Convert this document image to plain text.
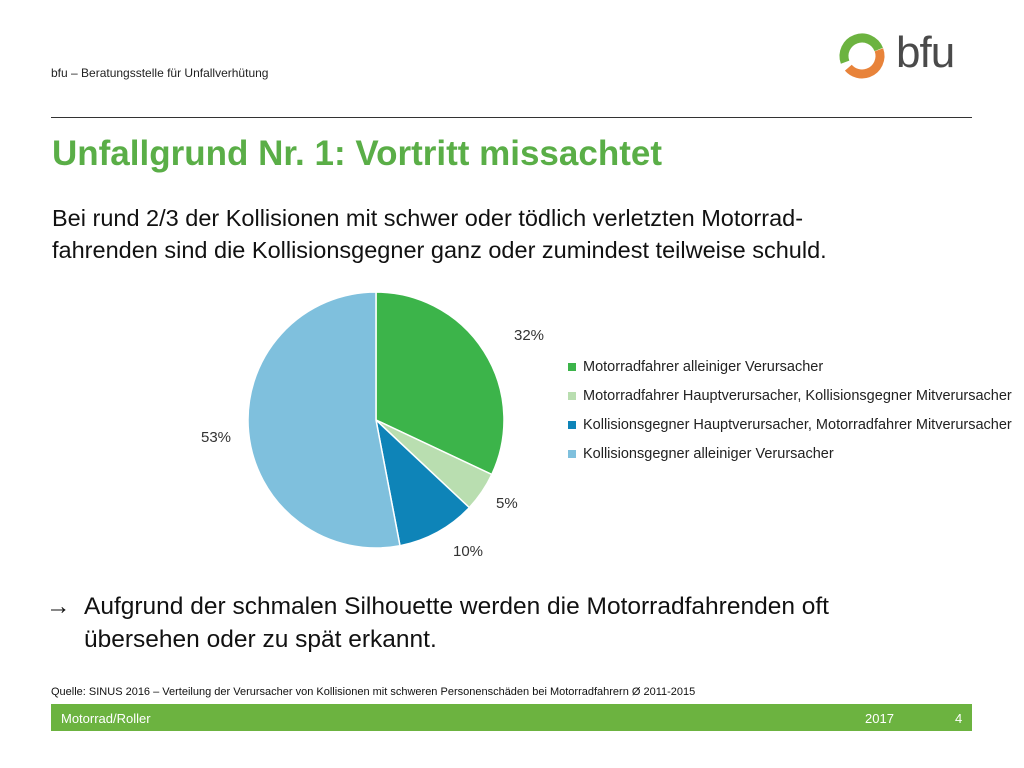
bfu – Beratungsstelle für Unfallverhütung	bfu
Unfallgrund Nr. 1: Vortritt missachtet
Bei rund 2/3 der Kollisionen mit schwer oder tödlich verletzten Motorrad-
fahrenden sind die Kollisionsgegner ganz oder zumindest teilweise schuld.
32%
5%
10%
53%
Motorradfahrer alleiniger Verursacher
Motorradfahrer Hauptverursacher, Kollisionsgegner Mitverursacher
Kollisionsgegner Hauptverursacher, Motorradfahrer Mitverursacher
Kollisionsgegner alleiniger Verursacher
→ Aufgrund der schmalen Silhouette werden die Motorradfahrenden oft
übersehen oder zu spät erkannt.
Quelle: SINUS 2016 – Verteilung der Verursacher von Kollisionen mit schweren Personenschäden bei Motorradfahrern Ø 2011-2015
Motorrad/Roller	2017	4
